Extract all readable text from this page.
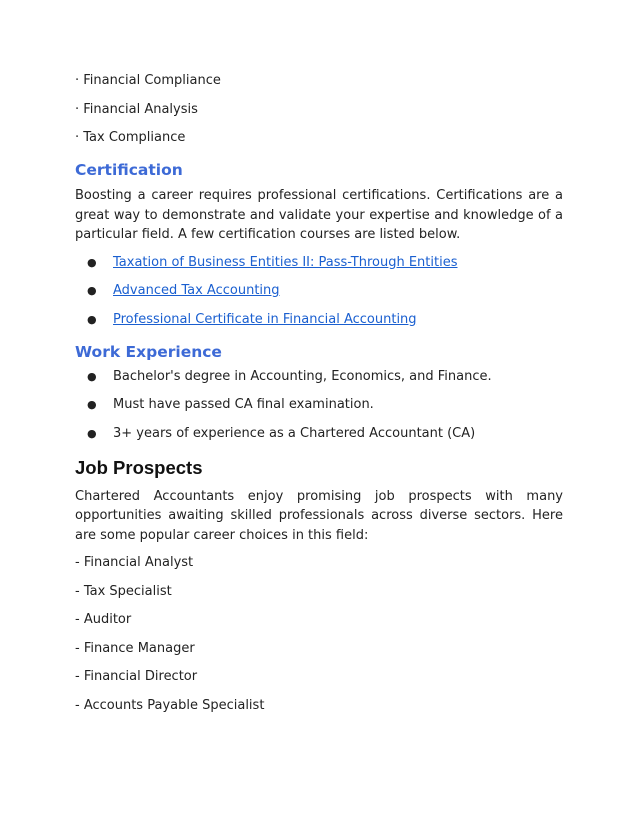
· Financial Compliance
· Financial Analysis
· Tax Compliance
Certification
Boosting a career requires professional certifications. Certifications are a great way to demonstrate and validate your expertise and knowledge of a particular field. A few certification courses are listed below.
● Taxation of Business Entities II: Pass-Through Entities
● Advanced Tax Accounting
● Professional Certificate in Financial Accounting
Work Experience
● Bachelor's degree in Accounting, Economics, and Finance.
● Must have passed CA final examination.
● 3+ years of experience as a Chartered Accountant (CA)
Job Prospects
Chartered Accountants enjoy promising job prospects with many opportunities awaiting skilled professionals across diverse sectors. Here are some popular career choices in this field:
- Financial Analyst
- Tax Specialist
- Auditor
- Finance Manager
- Financial Director
- Accounts Payable Specialist
